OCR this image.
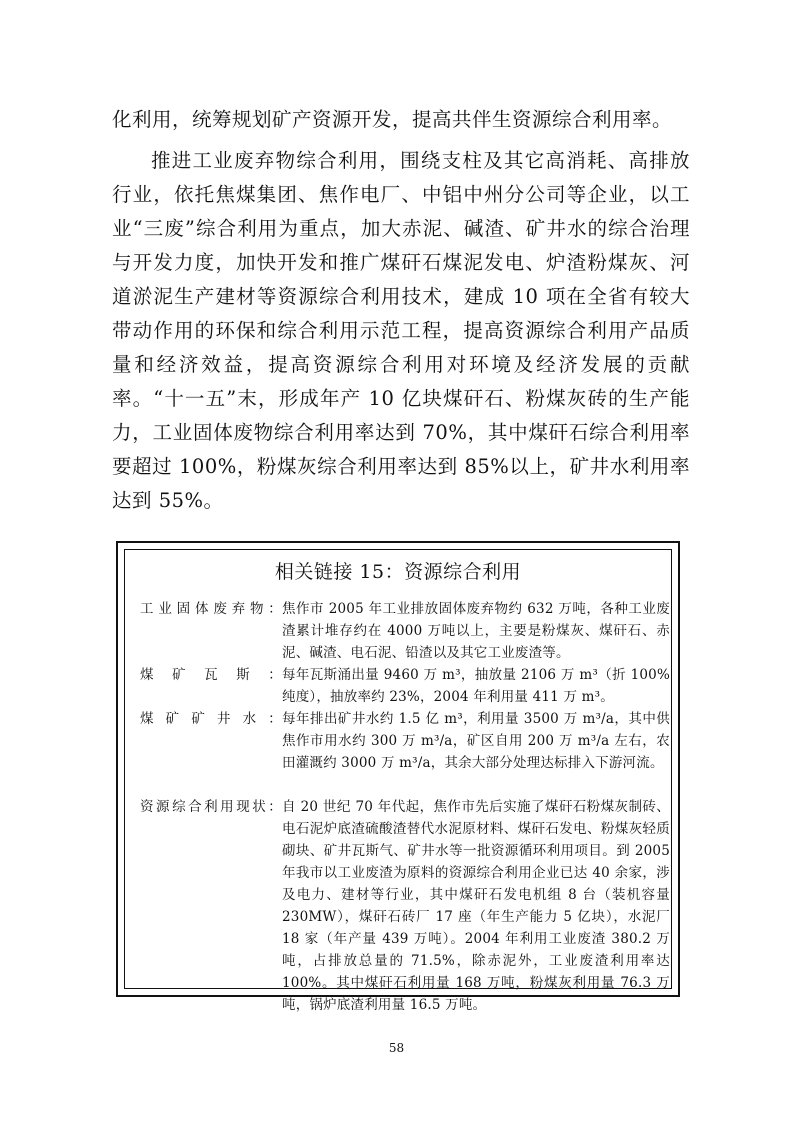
化利用，统筹规划矿产资源开发，提高共伴生资源综合利用率。

推进工业废弃物综合利用，围绕支柱及其它高消耗、高排放行业，依托焦煤集团、焦作电厂、中铝中州分公司等企业，以工业“三废”综合利用为重点，加大赤泥、碱渣、矿井水的综合治理与开发力度，加快开发和推广煤矸石煤泥发电、炉渣粉煤灰、河道淤泥生产建材等资源综合利用技术，建成 10 项在全省有较大带动作用的环保和综合利用示范工程，提高资源综合利用产品质量和经济效益，提高资源综合利用对环境及经济发展的贡献率。“十一五”末，形成年产 10 亿块煤矸石、粉煤灰砖的生产能力，工业固体废物综合利用率达到 70%，其中煤矸石综合利用率要超过 100%，粉煤灰综合利用率达到 85%以上，矿井水利用率达到 55%。

相关链接 15：资源综合利用
工 业 固 体 废 弃 物 ： 焦作市 2005 年工业排放固体废弃物约 632 万吨，各种工业废渣累计堆存约在 4000 万吨以上，主要是粉煤灰、煤矸石、赤泥、碱渣、电石泥、铅渣以及其它工业废渣等。
煤 矿 瓦 斯 ： 每年瓦斯涌出量 9460 万 m³，抽放量 2106 万 m³（折 100% 纯度），抽放率约 23%，2004 年利用量 411 万 m³。
煤 矿 矿 井 水 ： 每年排出矿井水约 1.5 亿 m³，利用量 3500 万 m³/a，其中供焦作市用水约 300 万 m³/a，矿区自用 200 万 m³/a 左右，农田灌溉约 3000 万 m³/a，其余大部分处理达标排入下游河流。
资 源 综 合 利 用 现 状 ： 自 20 世纪 70 年代起，焦作市先后实施了煤矸石粉煤灰制砖、电石泥炉底渣硫酸渣替代水泥原材料、煤矸石发电、粉煤灰轻质砌块、矿井瓦斯气、矿井水等一批资源循环利用项目。到 2005 年我市以工业废渣为原料的资源综合利用企业已达 40 余家，涉及电力、建材等行业，其中煤矸石发电机组 8 台（装机容量 230MW），煤矸石砖厂 17 座（年生产能力 5 亿块），水泥厂 18 家（年产量 439 万吨）。2004 年利用工业废渣 380.2 万吨，占排放总量的 71.5%，除赤泥外，工业废渣利用率达 100%。其中煤矸石利用量 168 万吨，粉煤灰利用量 76.3 万吨，锅炉底渣利用量 16.5 万吨。

58
